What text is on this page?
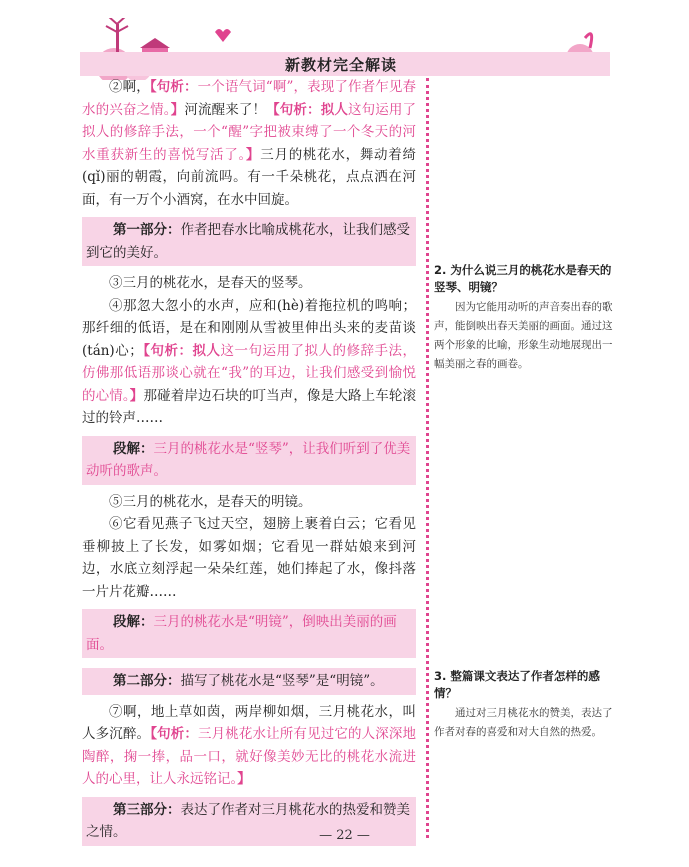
新教材完全解读

②啊，【句析：一个语气词“啊”，表现了作者乍见春水的兴奋之情。】河流醒来了！【句析：拟人这句运用了拟人的修辞手法，一个“醒”字把被束缚了一个冬天的河水重获新生的喜悦写活了。】三月的桃花水，舞动着绮(qǐ)丽的朝霞，向前流吗。有一千朵桃花，点点洒在河面，有一万个小酒窝，在水中回旋。

第一部分：作者把春水比喻成桃花水，让我们感受到它的美好。

③三月的桃花水，是春天的竖琴。

④那忽大忽小的水声，应和(hè)着拖拉机的鸣响；那纤细的低语，是在和刚刚从雪被里伸出头来的麦苗谈(tán)心；【句析：拟人这一句运用了拟人的修辞手法，仿佛那低语那谈心就在“我”的耳边，让我们感受到愉悦的心情。】那碰着岸边石块的叮当声，像是大路上车轮滚过的铃声……

段解：三月的桃花水是“竖琴”，让我们听到了优美动听的歌声。

⑤三月的桃花水，是春天的明镜。

⑥它看见燕子飞过天空，翅膀上裹着白云；它看见垂柳披上了长发，如雾如烟；它看见一群姑娘来到河边，水底立刻浮起一朵朵红莲，她们捧起了水，像抖落一片片花瓣……

段解：三月的桃花水是“明镜”，倒映出美丽的画面。
第二部分：描写了桃花水是“竖琴”是“明镜”。

⑦啊，地上草如茵，两岸柳如烟，三月桃花水，叫人多沉醉。【句析：三月桃花水让所有见过它的人深深地陶醉，掬一捧，品一口，就好像美妙无比的桃花水流进人的心里，让人永远铭记。】

第三部分：表达了作者对三月桃花水的热爱和赞美之情。

2. 为什么说三月的桃花水是春天的竖琴、明镜？

因为它能用动听的声音奏出春的歌声，能倒映出春天美丽的画面。通过这两个形象的比喻，形象生动地展现出一幅美丽之春的画卷。

3. 整篇课文表达了作者怎样的感情？

通过对三月桃花水的赞美，表达了作者对春的喜爱和对大自然的热爱。

— 22 —
